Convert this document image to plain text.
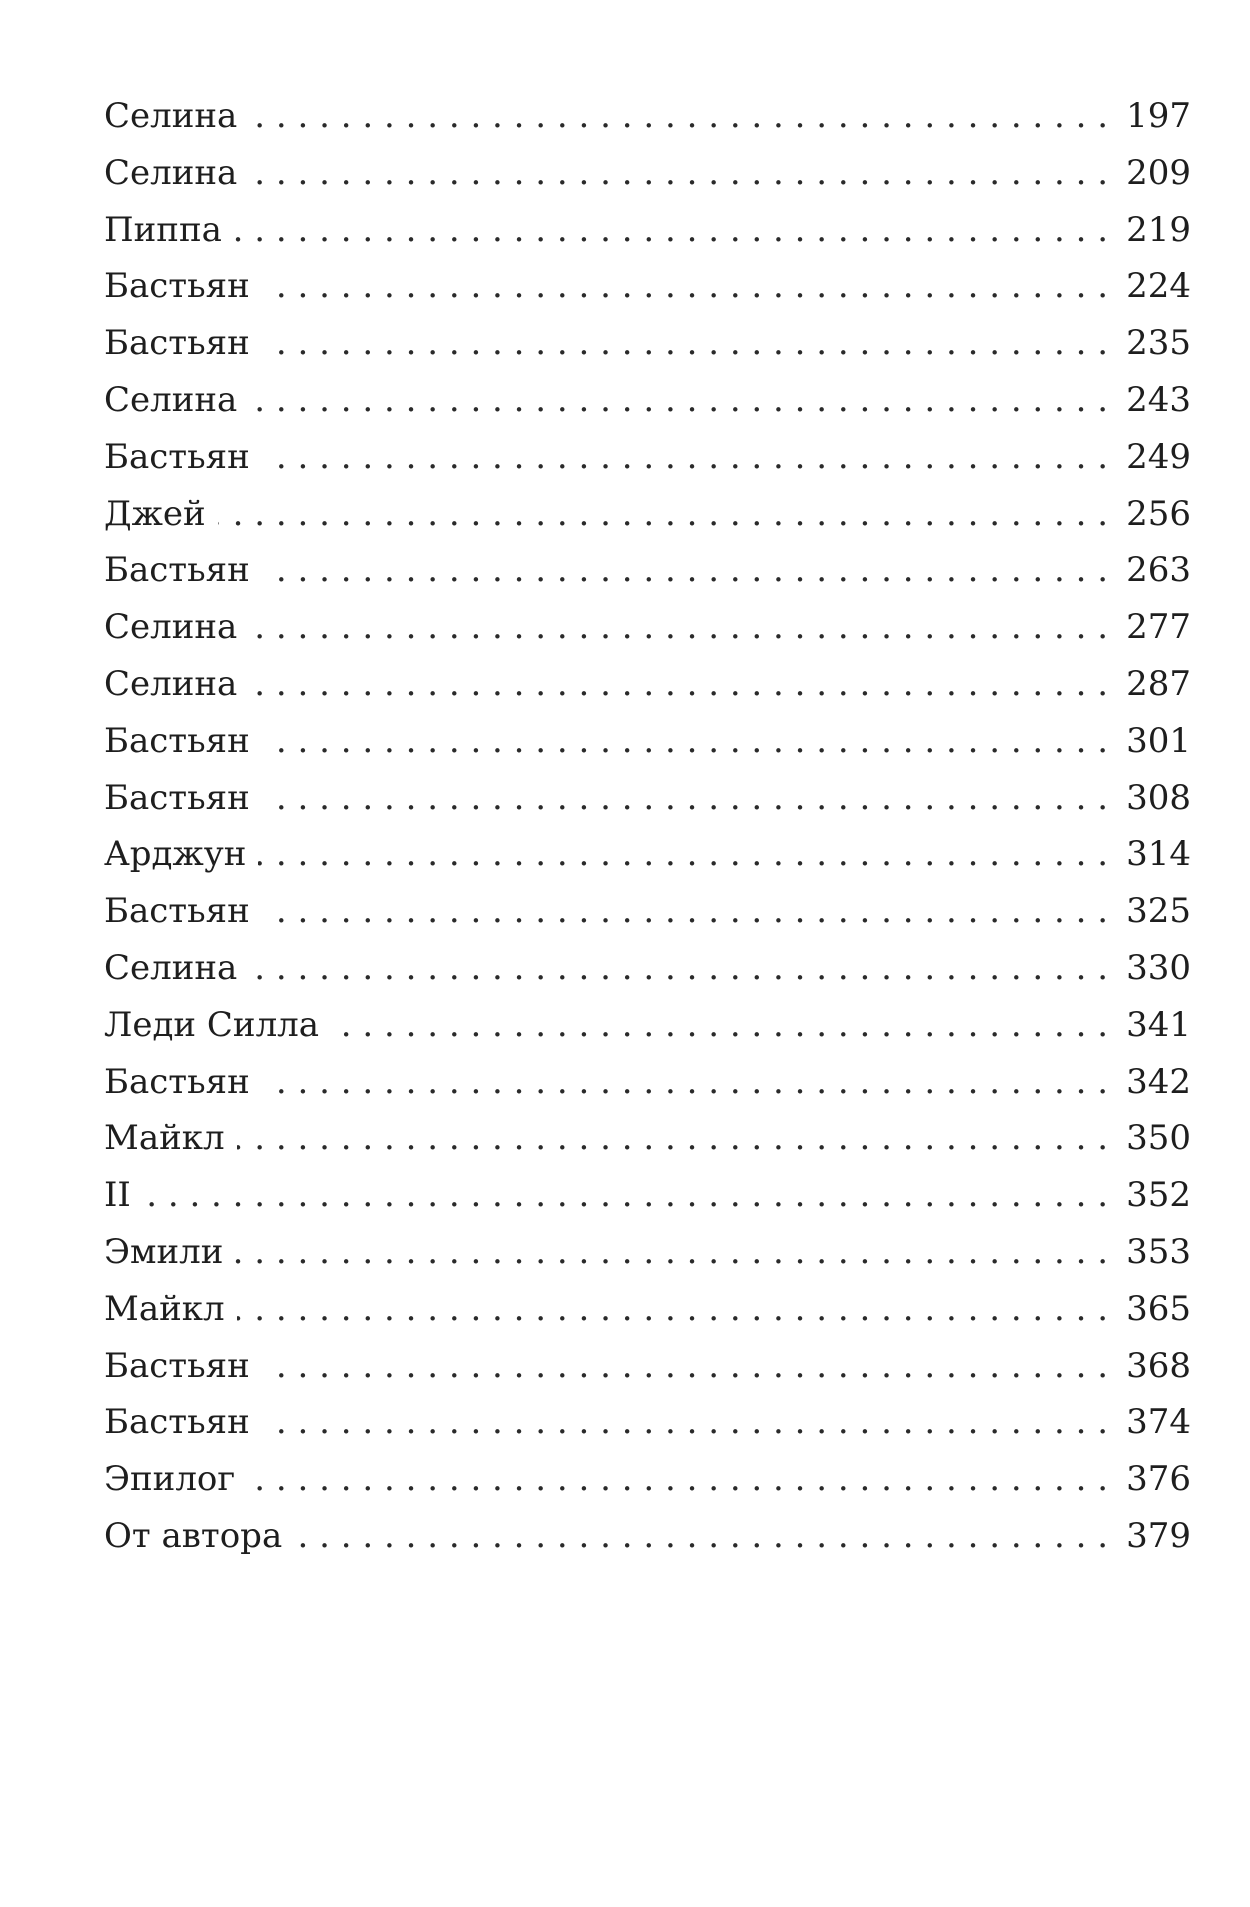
Селина . . .	197
Селина . . .	209
Пиппа . . .	219
Бастьян . . .	224
Бастьян . . .	235
Селина . . .	243
Бастьян . . .	249
Джей . . .	256
Бастьян . . .	263
Селина . . .	277
Селина . . .	287
Бастьян . . .	301
Бастьян . . .	308
Арджун . . .	314
Бастьян . . .	325
Селина . . .	330
Леди Силла . . .	341
Бастьян . . .	342
Майкл . . .	350
II . . .	352
Эмили . . .	353
Майкл . . .	365
Бастьян . . .	368
Бастьян . . .	374
Эпилог . . .	376
От автора . . .	379
